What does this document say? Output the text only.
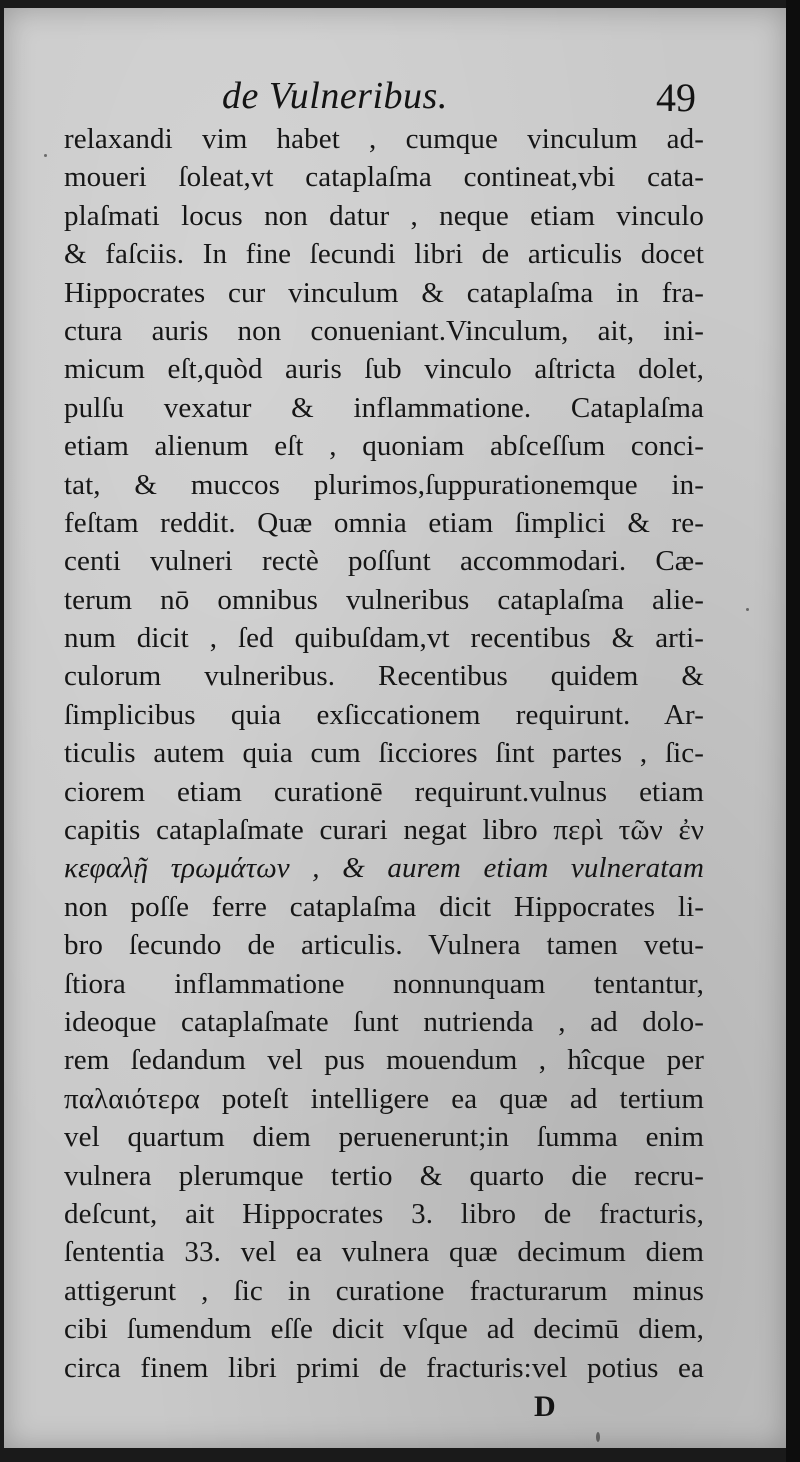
de Vulneribus.	49
relaxandi vim habet , cumque vinculum ad-
moueri ſoleat,vt cataplaſma contineat,vbi cata-
plaſmati locus non datur , neque etiam vinculo
& faſciis. In fine ſecundi libri de articulis docet
Hippocrates cur vinculum & cataplaſma in fra-
ctura auris non conueniant.Vinculum, ait, ini-
micum eſt,quòd auris ſub vinculo aſtricta dolet,
pulſu vexatur & inflammatione. Cataplaſma
etiam alienum eſt , quoniam abſceſſum conci-
tat, & muccos plurimos,ſuppurationemque in-
feſtam reddit. Quæ omnia etiam ſimplici & re-
centi vulneri rectè poſſunt accommodari. Cæ-
terum nō omnibus vulneribus cataplaſma alie-
num dicit , ſed quibuſdam,vt recentibus & arti-
culorum vulneribus. Recentibus quidem &
ſimplicibus quia exſiccationem requirunt. Ar-
ticulis autem quia cum ſicciores ſint partes , ſic-
ciorem etiam curationē requirunt.vulnus etiam
capitis cataplaſmate curari negat libro περὶ τῶν ἐν
κεφαλῇ τρωμάτων , & aurem etiam vulneratam
non poſſe ferre cataplaſma dicit Hippocrates li-
bro ſecundo de articulis. Vulnera tamen vetu-
ſtiora inflammatione nonnunquam tentantur,
ideoque cataplaſmate ſunt nutrienda , ad dolo-
rem ſedandum vel pus mouendum , hîcque per
παλαιότερα poteſt intelligere ea quæ ad tertium
vel quartum diem peruenerunt;in ſumma enim
vulnera plerumque tertio & quarto die recru-
deſcunt, ait Hippocrates 3. libro de fracturis,
ſententia 33. vel ea vulnera quæ decimum diem
attigerunt , ſic in curatione fracturarum minus
cibi ſumendum eſſe dicit vſque ad decimū diem,
circa finem libri primi de fracturis:vel potius ea
D
